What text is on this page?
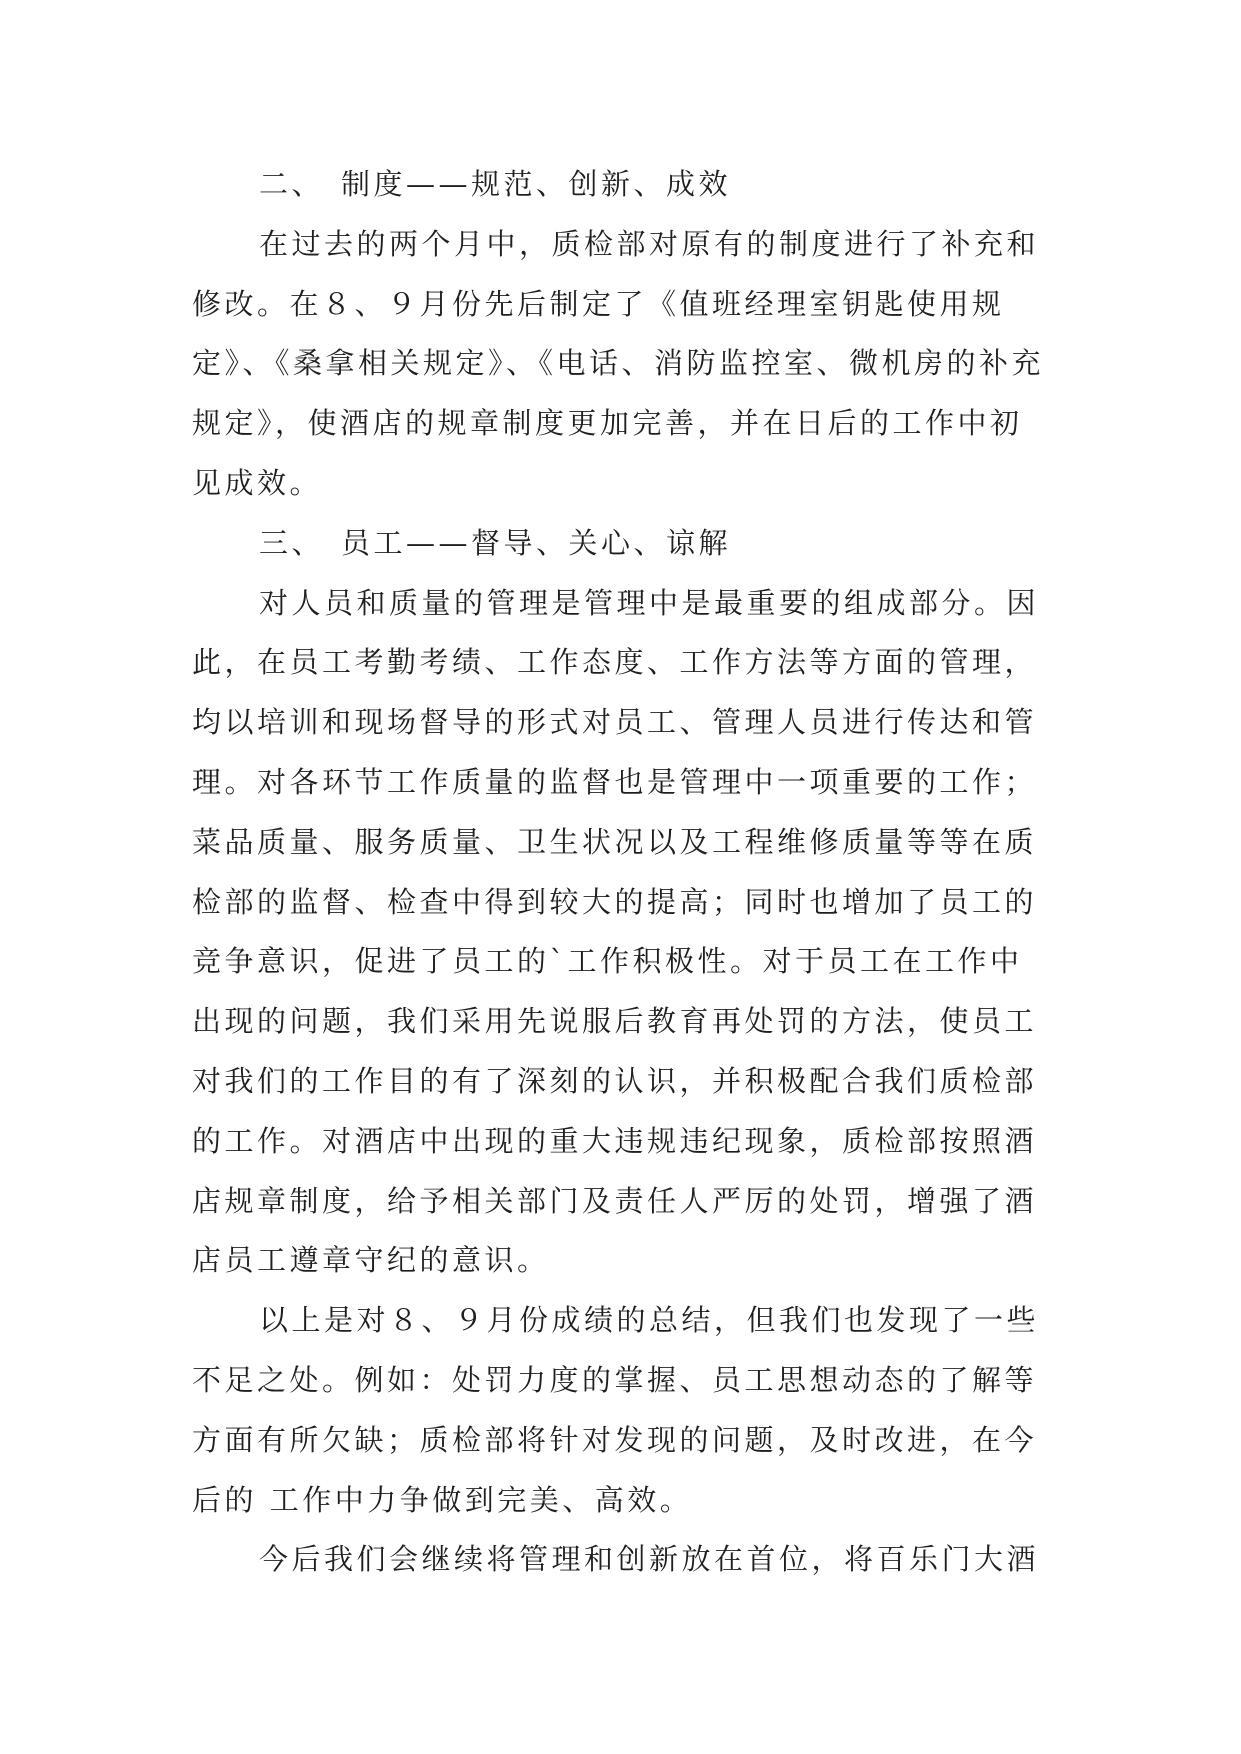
二、 制度——规范、创新、成效
在过去的两个月中，质检部对原有的制度进行了补充和
修改。在８、９月份先后制定了《值班经理室钥匙使用规
定》、《桑拿相关规定》、《电话、消防监控室、微机房的补充
规定》，使酒店的规章制度更加完善，并在日后的工作中初
见成效。
三、 员工——督导、关心、谅解
对人员和质量的管理是管理中是最重要的组成部分。因
此，在员工考勤考绩、工作态度、工作方法等方面的管理，
均以培训和现场督导的形式对员工、管理人员进行传达和管
理。对各环节工作质量的监督也是管理中一项重要的工作；
菜品质量、服务质量、卫生状况以及工程维修质量等等在质
检部的监督、检查中得到较大的提高；同时也增加了员工的
竞争意识，促进了员工的`工作积极性。对于员工在工作中
出现的问题，我们采用先说服后教育再处罚的方法，使员工
对我们的工作目的有了深刻的认识，并积极配合我们质检部
的工作。对酒店中出现的重大违规违纪现象，质检部按照酒
店规章制度，给予相关部门及责任人严厉的处罚，增强了酒
店员工遵章守纪的意识。
以上是对８、９月份成绩的总结，但我们也发现了一些
不足之处。例如：处罚力度的掌握、员工思想动态的了解等
方面有所欠缺；质检部将针对发现的问题，及时改进，在今
后的 工作中力争做到完美、高效。
今后我们会继续将管理和创新放在首位，将百乐门大酒
